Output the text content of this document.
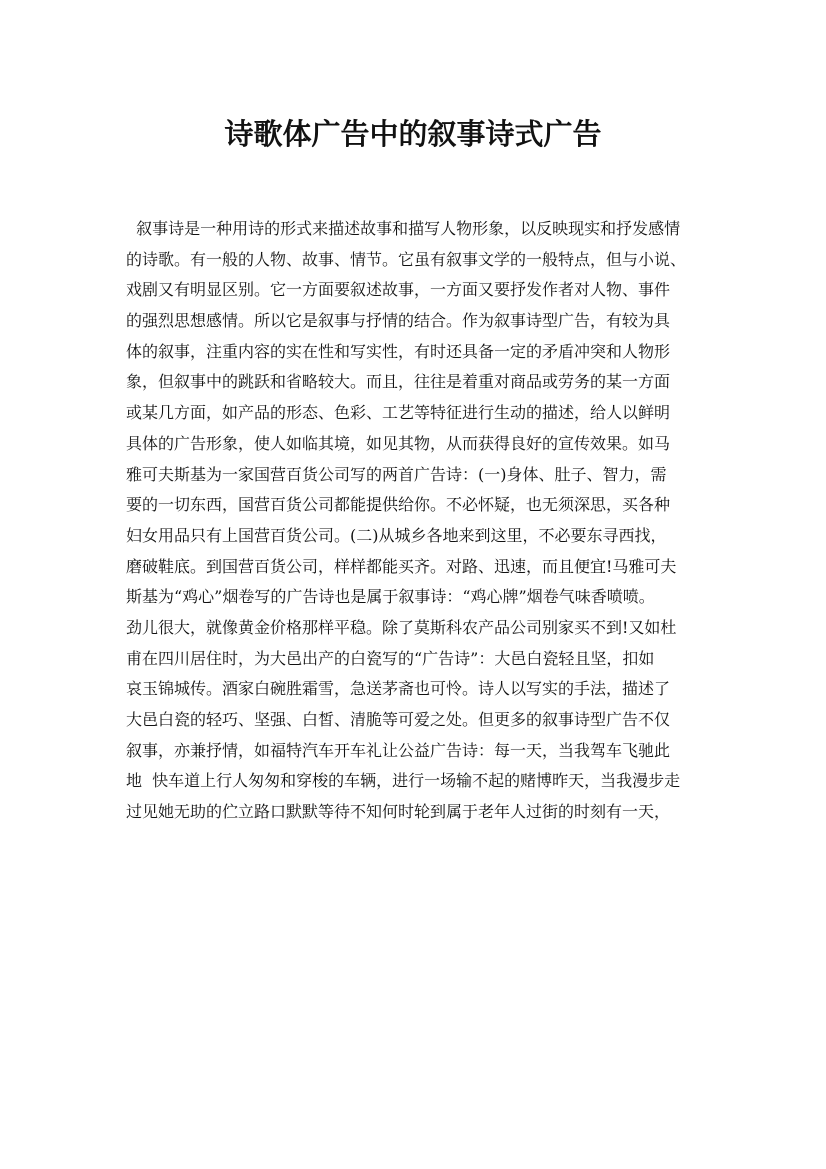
诗歌体广告中的叙事诗式广告
叙事诗是一种用诗的形式来描述故事和描写人物形象，以反映现实和抒发感情
的诗歌。有一般的人物、故事、情节。它虽有叙事文学的一般特点，但与小说、
戏剧又有明显区别。它一方面要叙述故事，一方面又要抒发作者对人物、事件
的强烈思想感情。所以它是叙事与抒情的结合。作为叙事诗型广告，有较为具
体的叙事，注重内容的实在性和写实性，有时还具备一定的矛盾冲突和人物形
象，但叙事中的跳跃和省略较大。而且，往往是着重对商品或劳务的某一方面
或某几方面，如产品的形态、色彩、工艺等特征进行生动的描述，给人以鲜明
具体的广告形象，使人如临其境，如见其物，从而获得良好的宣传效果。如马
雅可夫斯基为一家国营百货公司写的两首广告诗：(一)身体、肚子、智力，需
要的一切东西，国营百货公司都能提供给你。不必怀疑，也无须深思，买各种
妇女用品只有上国营百货公司。(二)从城乡各地来到这里，不必要东寻西找，
磨破鞋底。到国营百货公司，样样都能买齐。对路、迅速，而且便宜!马雅可夫
斯基为“鸡心”烟卷写的广告诗也是属于叙事诗：“鸡心牌”烟卷气味香喷喷。
劲儿很大，就像黄金价格那样平稳。除了莫斯科农产品公司别家买不到!又如杜
甫在四川居住时，为大邑出产的白瓷写的“广告诗”：大邑白瓷轻且坚，扣如
哀玉锦城传。酒家白碗胜霜雪，急送茅斋也可怜。诗人以写实的手法，描述了
大邑白瓷的轻巧、坚强、白皙、清脆等可爱之处。但更多的叙事诗型广告不仅
叙事，亦兼抒情，如福特汽车开车礼让公益广告诗：每一天，当我驾车飞驰此
地  快车道上行人匆匆和穿梭的车辆，进行一场输不起的赌博昨天，当我漫步走
过见她无助的伫立路口默默等待不知何时轮到属于老年人过街的时刻有一天，
